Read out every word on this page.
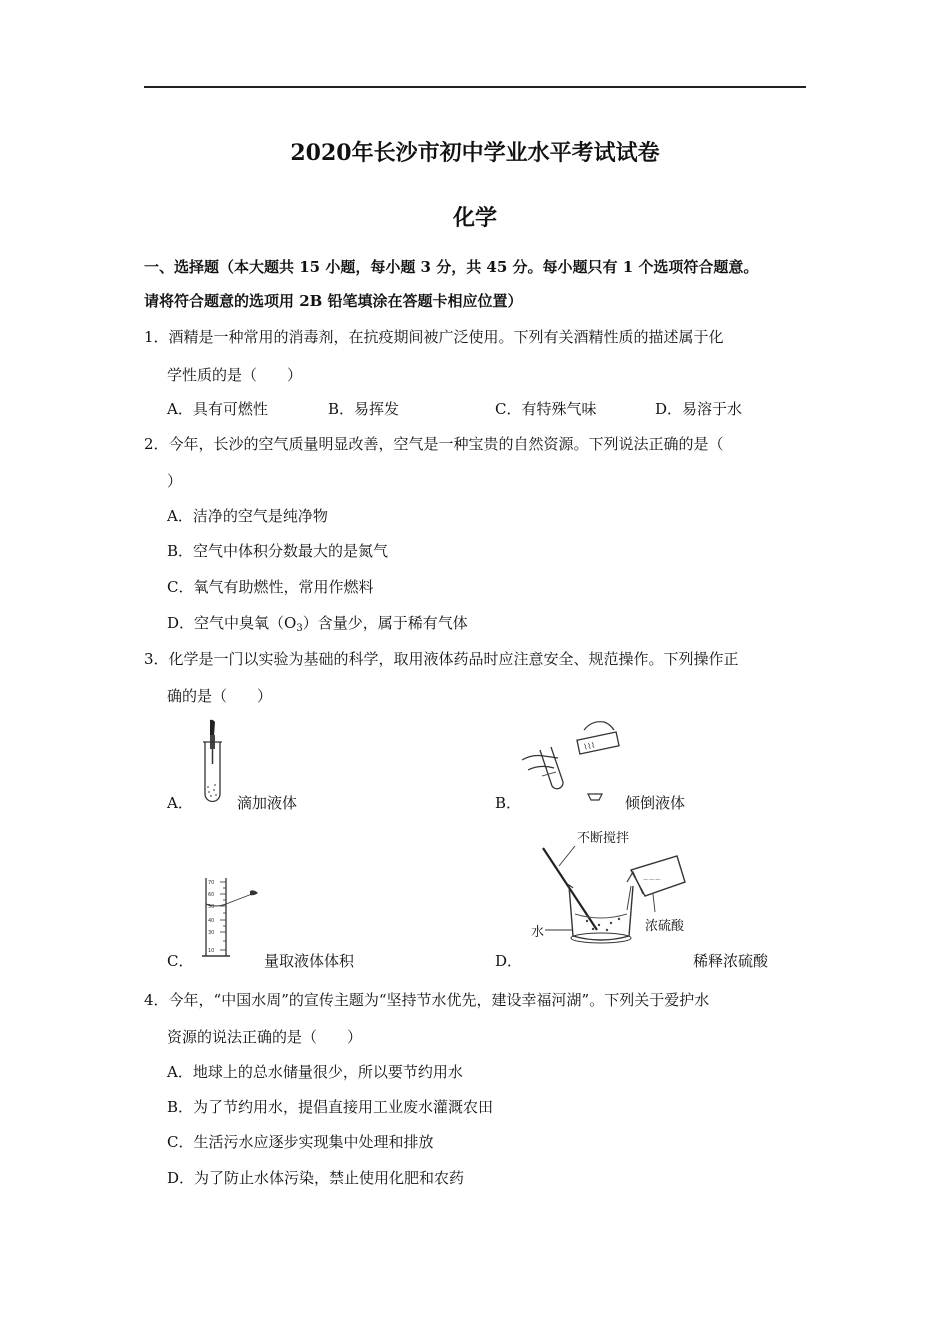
2020年长沙市初中学业水平考试试卷
化学
一、选择题（本大题共 15 小题，每小题 3 分，共 45 分。每小题只有 1 个选项符合题意。
请将符合题意的选项用 2B 铅笔填涂在答题卡相应位置）
1．酒精是一种常用的消毒剂，在抗疫期间被广泛使用。下列有关酒精性质的描述属于化
学性质的是（　　）
A．具有可燃性	B．易挥发	C．有特殊气味	D．易溶于水
2．今年，长沙的空气质量明显改善，空气是一种宝贵的自然资源。下列说法正确的是（
）
A．洁净的空气是纯净物
B．空气中体积分数最大的是氮气
C．氧气有助燃性，常用作燃料
D．空气中臭氧$(O_3)$含量少，属于稀有气体
3．化学是一门以实验为基础的科学，取用液体药品时应注意安全、规范操作。下列操作正
确的是（　　）
A．	滴加液体
⌇⌇⌇
B．	倾倒液体
70
60
50
40
30
10
C．	量取液体体积
不断搅拌
水
～～～
浓硫酸
D．	稀释浓硫酸
4．今年，“中国水周”的宣传主题为“坚持节水优先，建设幸福河湖”。下列关于爱护水
资源的说法正确的是（　　）
A．地球上的总水储量很少，所以要节约用水
B．为了节约用水，提倡直接用工业废水灌溉农田
C．生活污水应逐步实现集中处理和排放
D．为了防止水体污染，禁止使用化肥和农药
